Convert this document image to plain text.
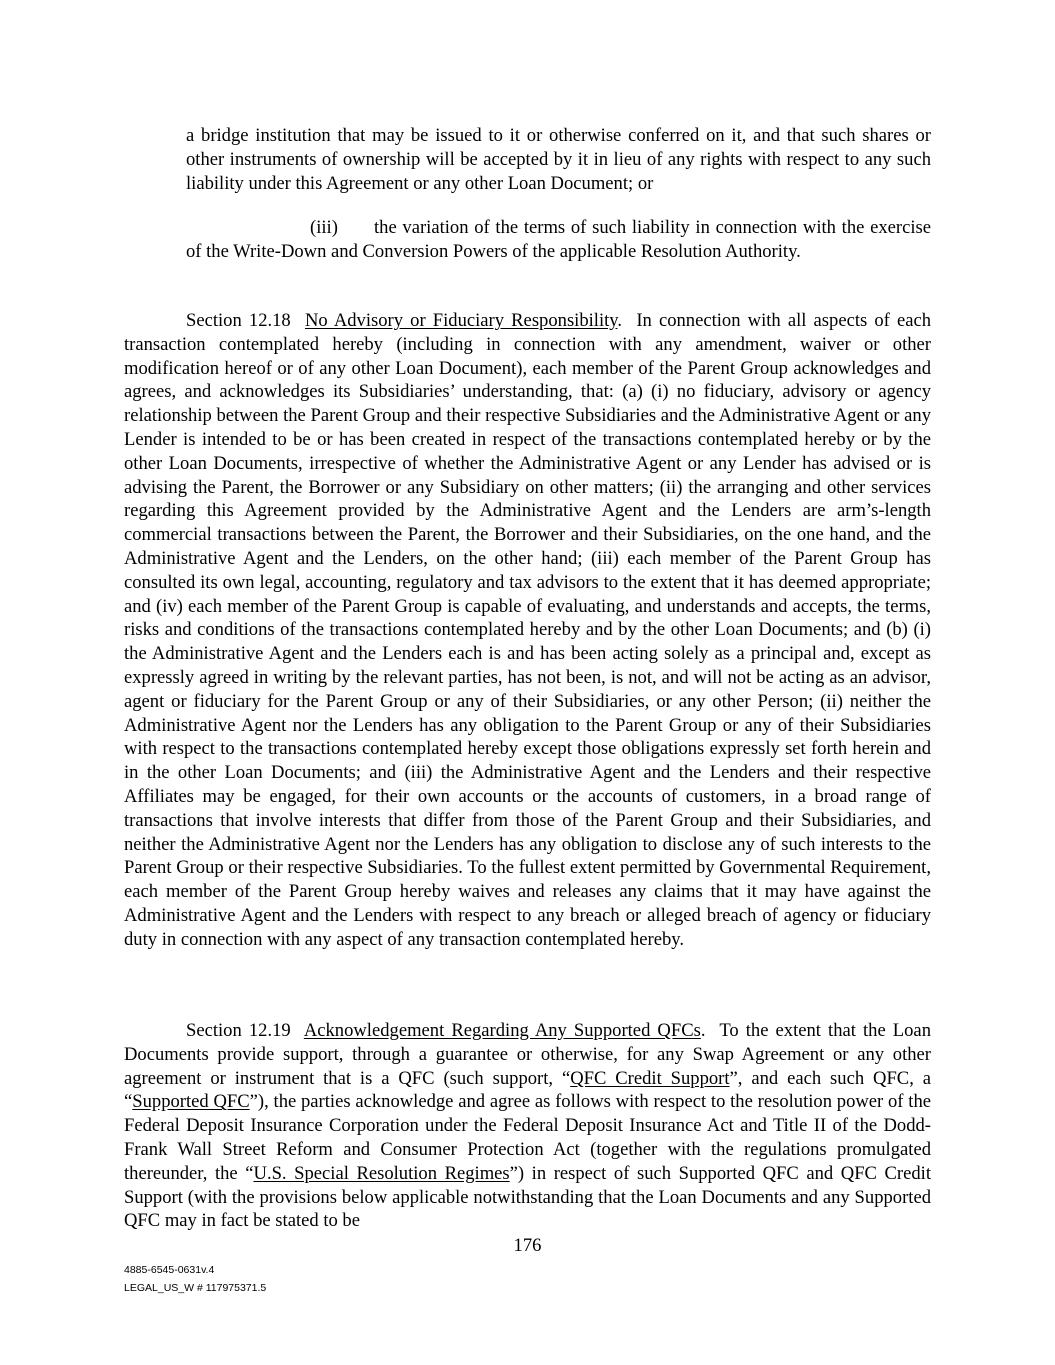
a bridge institution that may be issued to it or otherwise conferred on it, and that such shares or other instruments of ownership will be accepted by it in lieu of any rights with respect to any such liability under this Agreement or any other Loan Document; or

(iii) the variation of the terms of such liability in connection with the exercise of the Write-Down and Conversion Powers of the applicable Resolution Authority.

Section 12.18 No Advisory or Fiduciary Responsibility. In connection with all aspects of each transaction contemplated hereby (including in connection with any amendment, waiver or other modification hereof or of any other Loan Document), each member of the Parent Group acknowledges and agrees, and acknowledges its Subsidiaries’ understanding, that: (a) (i) no fiduciary, advisory or agency relationship between the Parent Group and their respective Subsidiaries and the Administrative Agent or any Lender is intended to be or has been created in respect of the transactions contemplated hereby or by the other Loan Documents, irrespective of whether the Administrative Agent or any Lender has advised or is advising the Parent, the Borrower or any Subsidiary on other matters; (ii) the arranging and other services regarding this Agreement provided by the Administrative Agent and the Lenders are arm’s-length commercial transactions between the Parent, the Borrower and their Subsidiaries, on the one hand, and the Administrative Agent and the Lenders, on the other hand; (iii) each member of the Parent Group has consulted its own legal, accounting, regulatory and tax advisors to the extent that it has deemed appropriate; and (iv) each member of the Parent Group is capable of evaluating, and understands and accepts, the terms, risks and conditions of the transactions contemplated hereby and by the other Loan Documents; and (b) (i) the Administrative Agent and the Lenders each is and has been acting solely as a principal and, except as expressly agreed in writing by the relevant parties, has not been, is not, and will not be acting as an advisor, agent or fiduciary for the Parent Group or any of their Subsidiaries, or any other Person; (ii) neither the Administrative Agent nor the Lenders has any obligation to the Parent Group or any of their Subsidiaries with respect to the transactions contemplated hereby except those obligations expressly set forth herein and in the other Loan Documents; and (iii) the Administrative Agent and the Lenders and their respective Affiliates may be engaged, for their own accounts or the accounts of customers, in a broad range of transactions that involve interests that differ from those of the Parent Group and their Subsidiaries, and neither the Administrative Agent nor the Lenders has any obligation to disclose any of such interests to the Parent Group or their respective Subsidiaries. To the fullest extent permitted by Governmental Requirement, each member of the Parent Group hereby waives and releases any claims that it may have against the Administrative Agent and the Lenders with respect to any breach or alleged breach of agency or fiduciary duty in connection with any aspect of any transaction contemplated hereby.

Section 12.19 Acknowledgement Regarding Any Supported QFCs. To the extent that the Loan Documents provide support, through a guarantee or otherwise, for any Swap Agreement or any other agreement or instrument that is a QFC (such support, “QFC Credit Support”, and each such QFC, a “Supported QFC”), the parties acknowledge and agree as follows with respect to the resolution power of the Federal Deposit Insurance Corporation under the Federal Deposit Insurance Act and Title II of the Dodd-Frank Wall Street Reform and Consumer Protection Act (together with the regulations promulgated thereunder, the “U.S. Special Resolution Regimes”) in respect of such Supported QFC and QFC Credit Support (with the provisions below applicable notwithstanding that the Loan Documents and any Supported QFC may in fact be stated to be

176
4885-6545-0631v.4
LEGAL_US_W # 117975371.5
